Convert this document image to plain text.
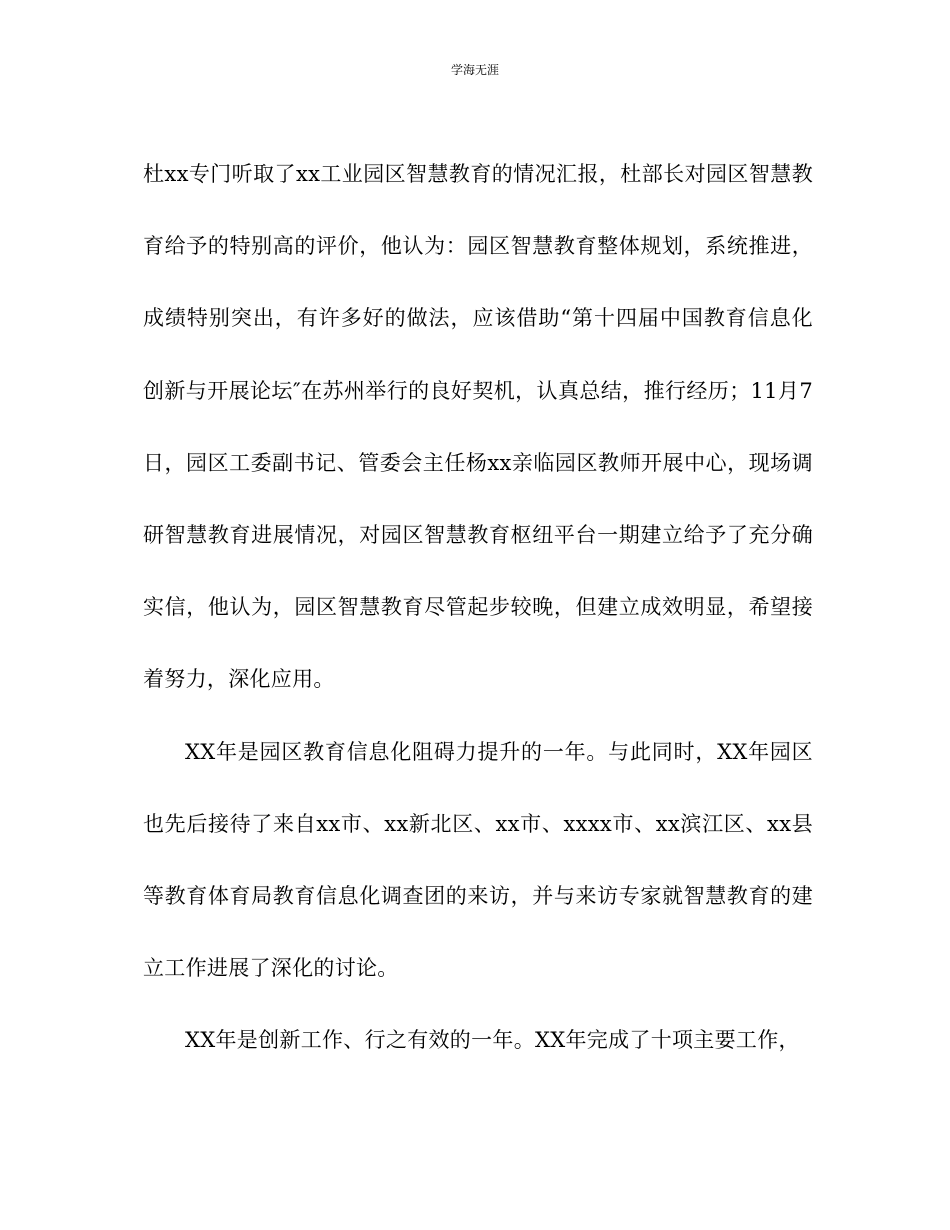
学海无涯

杜xx专门听取了xx工业园区智慧教育的情况汇报，杜部长对园区智慧教育给予的特别高的评价，他认为：园区智慧教育整体规划，系统推进，成绩特别突出，有许多好的做法，应该借助“第十四届中国教育信息化创新与开展论坛″在苏州举行的良好契机，认真总结，推行经历；11月7日，园区工委副书记、管委会主任杨xx亲临园区教师开展中心，现场调研智慧教育进展情况，对园区智慧教育枢纽平台一期建立给予了充分确实信，他认为，园区智慧教育尽管起步较晚，但建立成效明显，希望接着努力，深化应用。

XX年是园区教育信息化阻碍力提升的一年。与此同时，XX年园区也先后接待了来自xx市、xx新北区、xx市、xxxx市、xx滨江区、xx县等教育体育局教育信息化调查团的来访，并与来访专家就智慧教育的建立工作进展了深化的讨论。

XX年是创新工作、行之有效的一年。XX年完成了十项主要工作，
